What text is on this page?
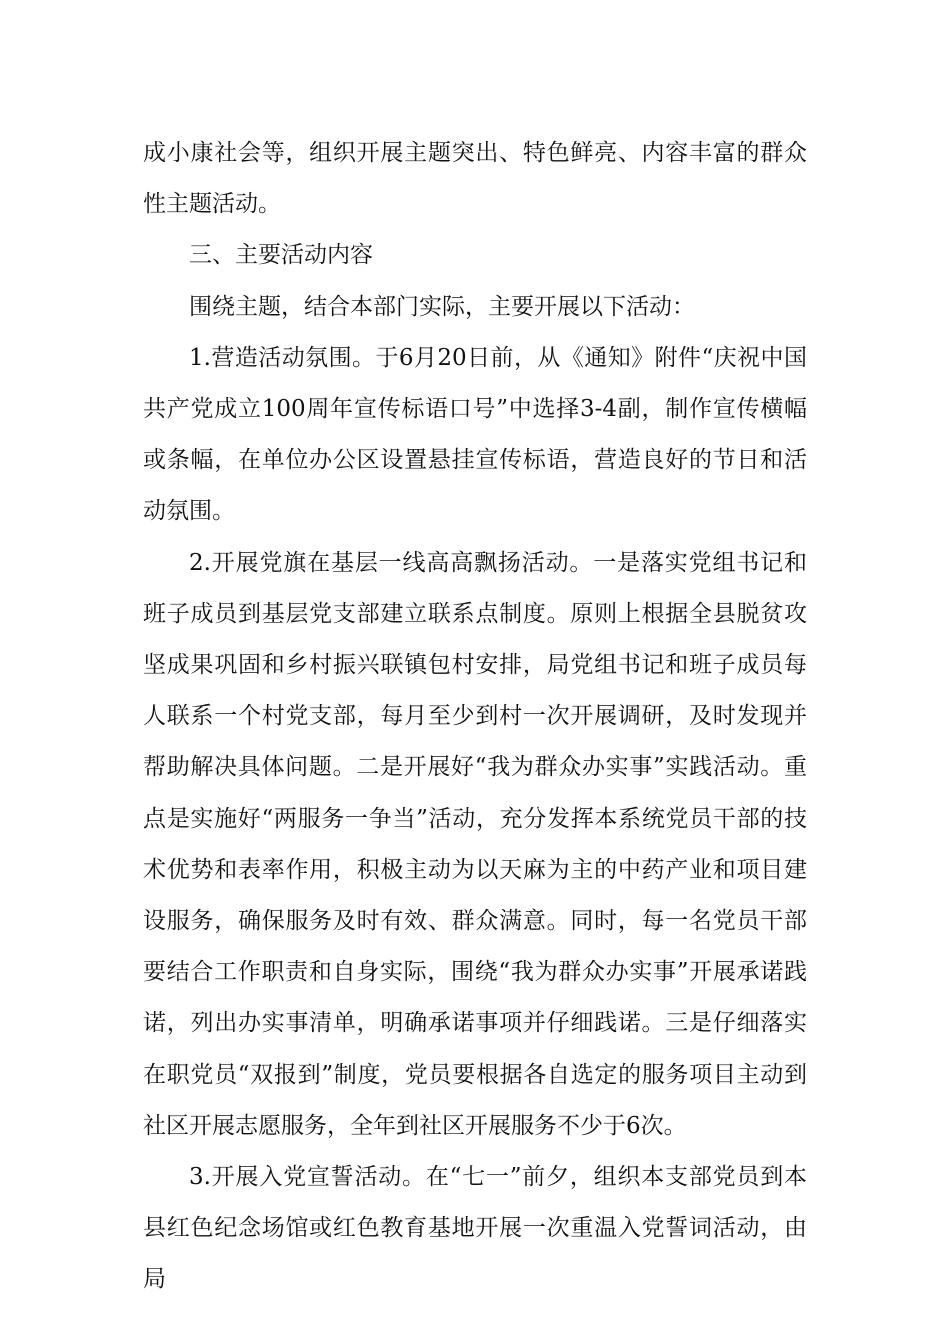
成小康社会等，组织开展主题突出、特色鲜亮、内容丰富的群众性主题活动。

三、主要活动内容

围绕主题，结合本部门实际，主要开展以下活动：

1.营造活动氛围。于6月20日前，从《通知》附件“庆祝中国共产党成立100周年宣传标语口号”中选择3-4副，制作宣传横幅或条幅，在单位办公区设置悬挂宣传标语，营造良好的节日和活动氛围。

2.开展党旗在基层一线高高飘扬活动。一是落实党组书记和班子成员到基层党支部建立联系点制度。原则上根据全县脱贫攻坚成果巩固和乡村振兴联镇包村安排，局党组书记和班子成员每人联系一个村党支部，每月至少到村一次开展调研，及时发现并帮助解决具体问题。二是开展好“我为群众办实事”实践活动。重点是实施好“两服务一争当”活动，充分发挥本系统党员干部的技术优势和表率作用，积极主动为以天麻为主的中药产业和项目建设服务，确保服务及时有效、群众满意。同时，每一名党员干部要结合工作职责和自身实际，围绕“我为群众办实事”开展承诺践诺，列出办实事清单，明确承诺事项并仔细践诺。三是仔细落实在职党员“双报到”制度，党员要根据各自选定的服务项目主动到社区开展志愿服务，全年到社区开展服务不少于6次。

3.开展入党宣誓活动。在“七一”前夕，组织本支部党员到本县红色纪念场馆或红色教育基地开展一次重温入党誓词活动，由局
